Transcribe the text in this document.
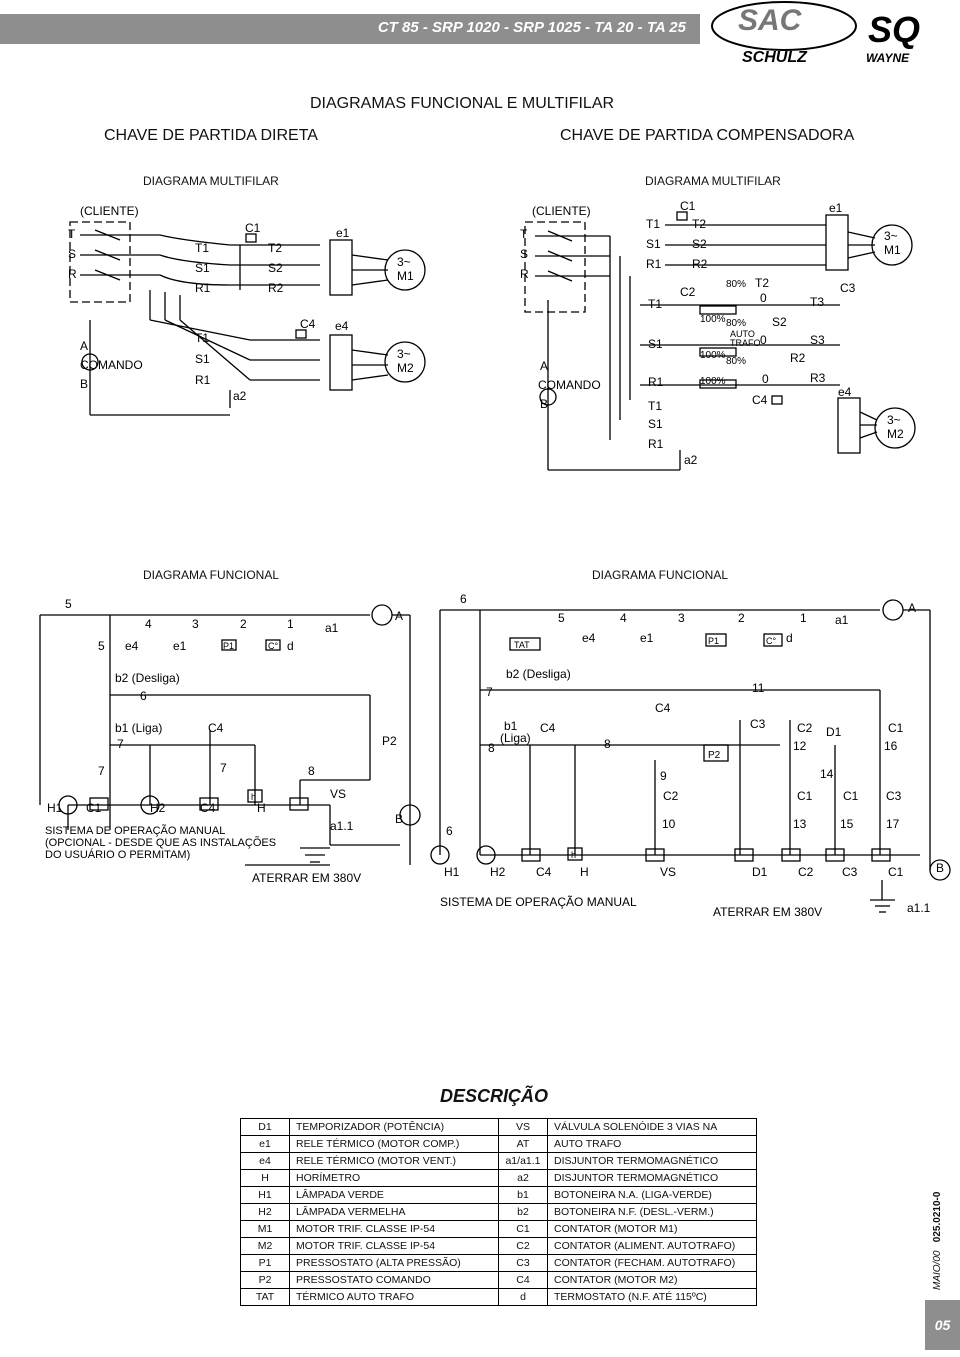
CT 85 - SRP 1020 - SRP 1025 - TA 20 - TA 25 SAC
SCHULZ
SQ
WAYNE
(CLIENTE)
T
S
R
T1
S1
R1
C1
T2
S2
R2
e1
3~
M1
A
COMANDO
B
T1
S1
R1
C4 e4
3~
M2
a2
(CLIENTE)
T
S
R
C1
T1
S1
R1
T2
S2
R2
C2
80%
100% 80%
AUTO
TRAFO
100%
80%
100%
0
0
0
T2
S2
R2
T1
S1
R1
T1
S1
R1
e1
T3
S3
R3
C3
e4
C4
a2
A
COMANDO
B
3~
M1
3~
M2
5
5
4	3	2	1	a1
A
e4	e1	P1	C° d
b2 (Desliga)
6
b1 (Liga)
7
C4
P2
7	7	8
h	VS
H1 C1	H2	C4	H
a1.1	B
SISTEMA DE OPERAÇÃO MANUAL
(OPCIONAL - DESDE QUE AS INSTALAÇÕES
DO USUÁRIO O PERMITAM)
ATERRAR EM 380V
6
5	4	3	2	1 a1
A
TAT	e4	e1	P1	C° d
b2 (Desliga)
7	11
C4
b1
(Liga)
C4
8	8
P2
C3	C2 D1	C1
12	16
9	14
C2	C1	C1 C3
6	10	13	15	17
h
H1	H2	C4 H	VS	D1	C2 C3	C1	B
SISTEMA DE OPERAÇÃO MANUAL
ATERRAR EM 380V	a1.1
DIAGRAMAS FUNCIONAL E MULTIFILAR
CHAVE DE PARTIDA DIRETA	CHAVE DE PARTIDA COMPENSADORA
DIAGRAMA MULTIFILAR	DIAGRAMA MULTIFILAR
DIAGRAMA FUNCIONAL	DIAGRAMA FUNCIONAL
DESCRIÇÃO
D1	TEMPORIZADOR (POTÊNCIA)	VS	VÁLVULA SOLENÓIDE 3 VIAS NA
e1	RELE TÉRMICO (MOTOR COMP.)	AT	AUTO TRAFO
e4	RELE TÉRMICO (MOTOR VENT.)	a1/a1.1	DISJUNTOR TERMOMAGNÉTICO
H	HORÍMETRO	a2	DISJUNTOR TERMOMAGNÉTICO
H1	LÂMPADA VERDE	b1	BOTONEIRA N.A. (LIGA-VERDE)
H2	LÂMPADA VERMELHA	b2	BOTONEIRA N.F. (DESL.-VERM.)
M1	MOTOR TRIF. CLASSE IP-54	C1	CONTATOR (MOTOR M1)
M2	MOTOR TRIF. CLASSE IP-54	C2	CONTATOR (ALIMENT. AUTOTRAFO)
P1	PRESSOSTATO (ALTA PRESSÃO)	C3	CONTATOR (FECHAM. AUTOTRAFO)
P2	PRESSOSTATO COMANDO	C4	CONTATOR (MOTOR M2)
TAT	TÉRMICO AUTO TRAFO	d	TERMOSTATO (N.F. ATÉ 115ºC)
MAIO/00   025.0210-0
05
